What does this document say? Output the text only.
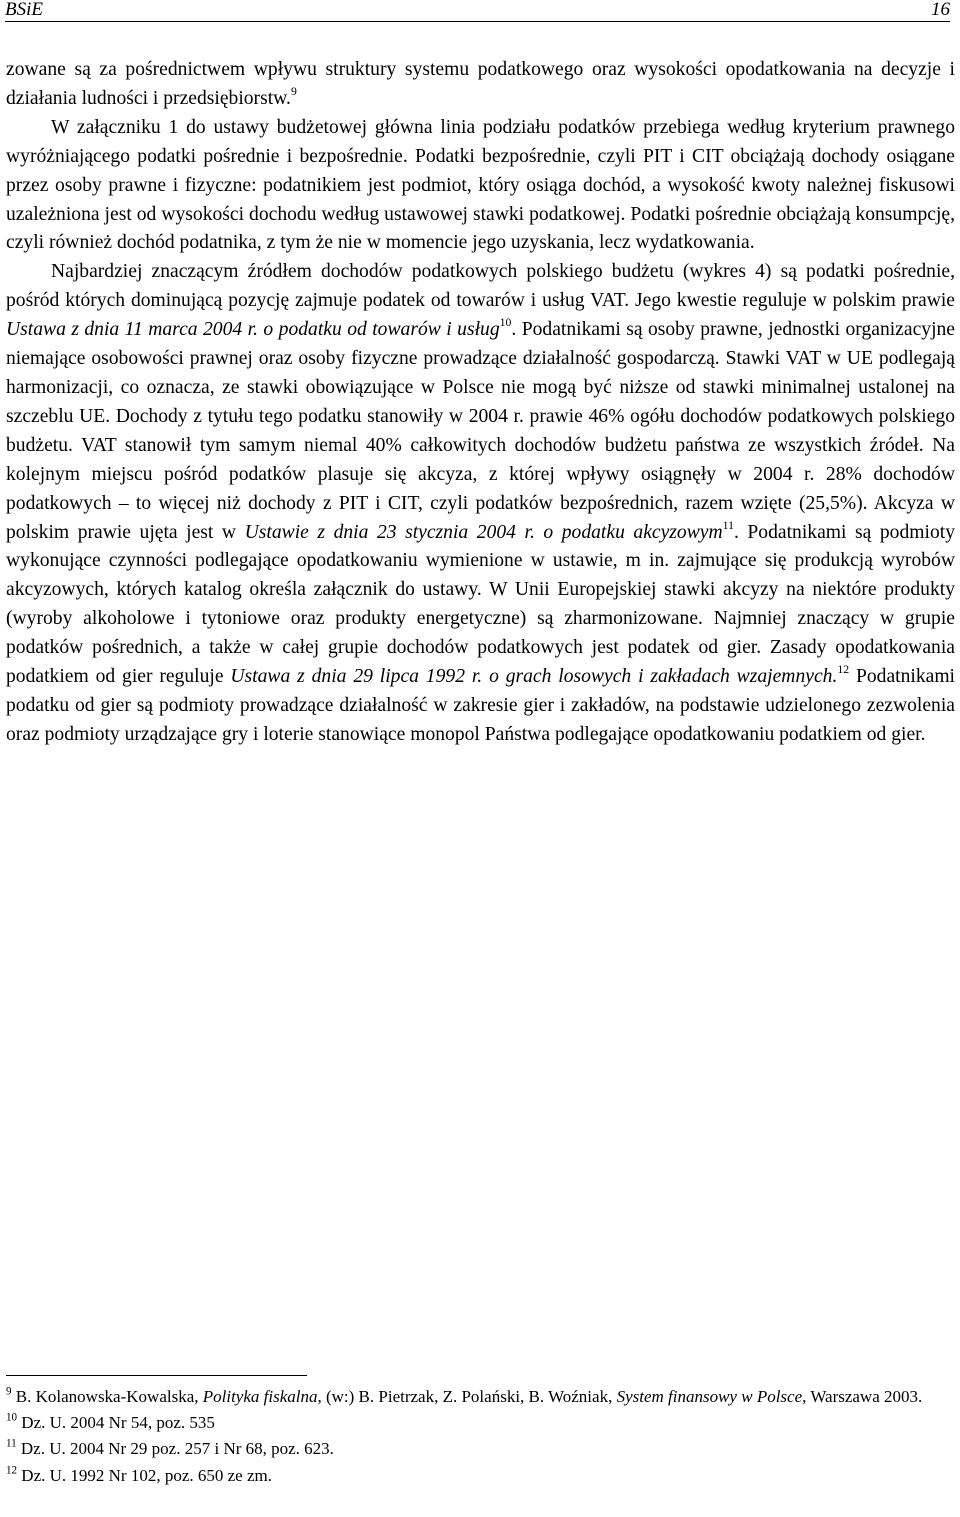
BSiE	16

zowane są za pośrednictwem wpływu struktury systemu podatkowego oraz wysokości opodatkowania na decyzje i działania ludności i przedsiębiorstw.$^9$

W załączniku 1 do ustawy budżetowej główna linia podziału podatków przebiega według kryterium prawnego wyróżniającego podatki pośrednie i bezpośrednie. Podatki bezpośrednie, czyli PIT i CIT obciążają dochody osiągane przez osoby prawne i fizyczne: podatnikiem jest podmiot, który osiąga dochód, a wysokość kwoty należnej fiskusowi uzależniona jest od wysokości dochodu według ustawowej stawki podatkowej. Podatki pośrednie obciążają konsumpcję, czyli również dochód podatnika, z tym że nie w momencie jego uzyskania, lecz wydatkowania.

Najbardziej znaczącym źródłem dochodów podatkowych polskiego budżetu (wykres 4) są podatki pośrednie, pośród których dominującą pozycję zajmuje podatek od towarów i usług VAT. Jego kwestie reguluje w polskim prawie Ustawa z dnia 11 marca 2004 r. o podatku od towarów i usług$^{10}$. Podatnikami są osoby prawne, jednostki organizacyjne niemające osobowości prawnej oraz osoby fizyczne prowadzące działalność gospodarczą. Stawki VAT w UE podlegają harmonizacji, co oznacza, ze stawki obowiązujące w Polsce nie mogą być niższe od stawki minimalnej ustalonej na szczeblu UE. Dochody z tytułu tego podatku stanowiły w 2004 r. prawie 46% ogółu dochodów podatkowych polskiego budżetu. VAT stanowił tym samym niemal 40% całkowitych dochodów budżetu państwa ze wszystkich źródeł. Na kolejnym miejscu pośród podatków plasuje się akcyza, z której wpływy osiągnęły w 2004 r. 28% dochodów podatkowych – to więcej niż dochody z PIT i CIT, czyli podatków bezpośrednich, razem wzięte (25,5%). Akcyza w polskim prawie ujęta jest w Ustawie z dnia 23 stycznia 2004 r. o podatku akcyzowym$^{11}$. Podatnikami są podmioty wykonujące czynności podlegające opodatkowaniu wymienione w ustawie, m in. zajmujące się produkcją wyrobów akcyzowych, których katalog określa załącznik do ustawy. W Unii Europejskiej stawki akcyzy na niektóre produkty (wyroby alkoholowe i tytoniowe oraz produkty energetyczne) są zharmonizowane. Najmniej znaczący w grupie podatków pośrednich, a także w całej grupie dochodów podatkowych jest podatek od gier. Zasady opodatkowania podatkiem od gier reguluje Ustawa z dnia 29 lipca 1992 r. o grach losowych i zakładach wzajemnych.$^{12}$ Podatnikami podatku od gier są podmioty prowadzące działalność w zakresie gier i zakładów, na podstawie udzielonego zezwolenia oraz podmioty urządzające gry i loterie stanowiące monopol Państwa podlegające opodatkowaniu podatkiem od gier.

$^9$ B. Kolanowska-Kowalska, Polityka fiskalna, (w:) B. Pietrzak, Z. Polański, B. Woźniak, System finansowy w Polsce, Warszawa 2003.

$^{10}$ Dz. U. 2004 Nr 54, poz. 535

$^{11}$ Dz. U. 2004 Nr 29 poz. 257 i Nr 68, poz. 623.

$^{12}$ Dz. U. 1992 Nr 102, poz. 650 ze zm.
